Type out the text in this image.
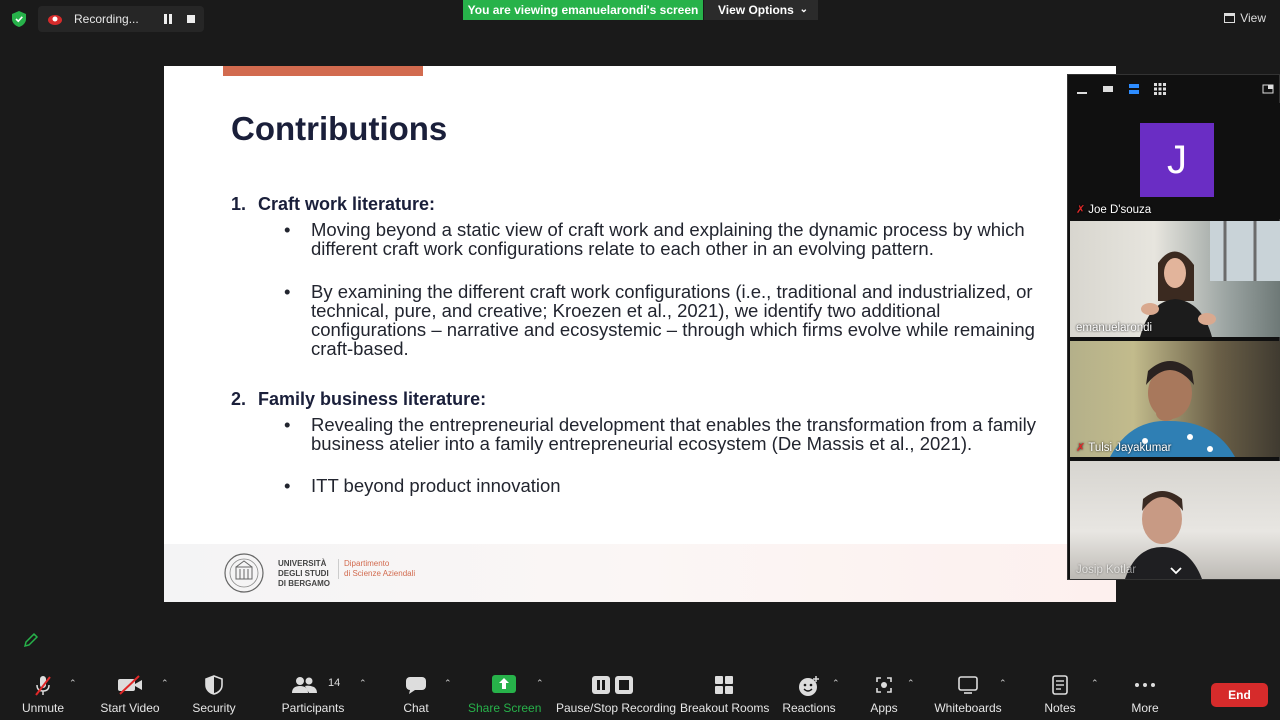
Recording...
You are viewing emanuelarondi's screen	View Options ⌄
View
Contributions
1. Craft work literature:
• Moving beyond a static view of craft work and explaining the dynamic process by which different craft work configurations relate to each other in an evolving pattern.
• By examining the different craft work configurations (i.e., traditional and industrialized, or technical, pure, and creative; Kroezen et al., 2021), we identify two additional configurations – narrative and ecosystemic – through which firms evolve while remaining craft-based.
2. Family business literature:
• Revealing the entrepreneurial development that enables the transformation from a family business atelier into a family entrepreneurial ecosystem (De Massis et al., 2021).
• ITT beyond product innovation
UNIVERSITÀ
DEGLI STUDI
DI BERGAMO
Dipartimento
di Scienze Aziendali
J
✗ Joe D'souza
emanuelarondi
✗ Tulsi Jayakumar
Josip Kotlar
Unmute
⌃
Start Video
⌃
Security
14
Participants
⌃
Chat
⌃
Share Screen
⌃
Pause/Stop Recording Breakout Rooms Reactions
⌃
Apps
⌃
Whiteboards
⌃
Notes
⌃
More
End
